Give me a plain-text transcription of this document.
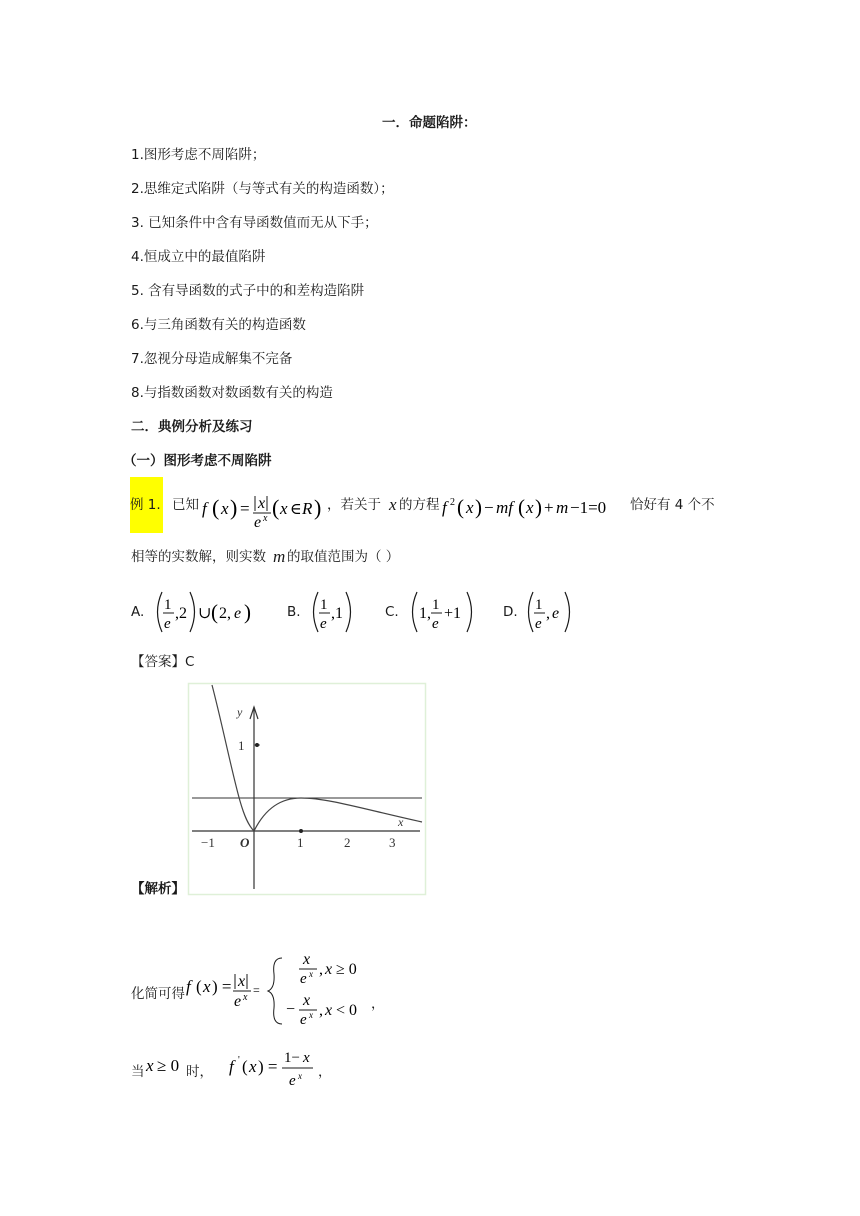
一．命题陷阱：
1.图形考虑不周陷阱；
2.思维定式陷阱（与等式有关的构造函数）；
3. 已知条件中含有导函数值而无从下手；
4.恒成立中的最值陷阱
5. 含有导函数的式子中的和差构造陷阱
6.与三角函数有关的构造函数
7.忽视分母造成解集不完备
8.与指数函数对数函数有关的构造
二．典例分析及练习
（一）图形考虑不周陷阱
例 1. 已知 f ( x ) = x
e x ( x ∈ R ) ，若关于 x 的方程 f 2 ( x ) − mf ( x ) + m −1=0 恰好有 4 个不
相等的实数解，则实数 m 的取值范围为（ ）
A. 1
e
,2 ∪ ( 2, e )	B. 1
e
,1	C. 1, 1
e
+1	D. 1
e
, e
【答案】C
y
x
1
O
−1	1	2	3
【解析】
化简可得 f ( x ) = x
e x
=
x
e x , x ≥ 0
−
x
e x , x < 0 ，
当 x ≥ 0 时， f ' ( x ) = 1− x
e x ，
